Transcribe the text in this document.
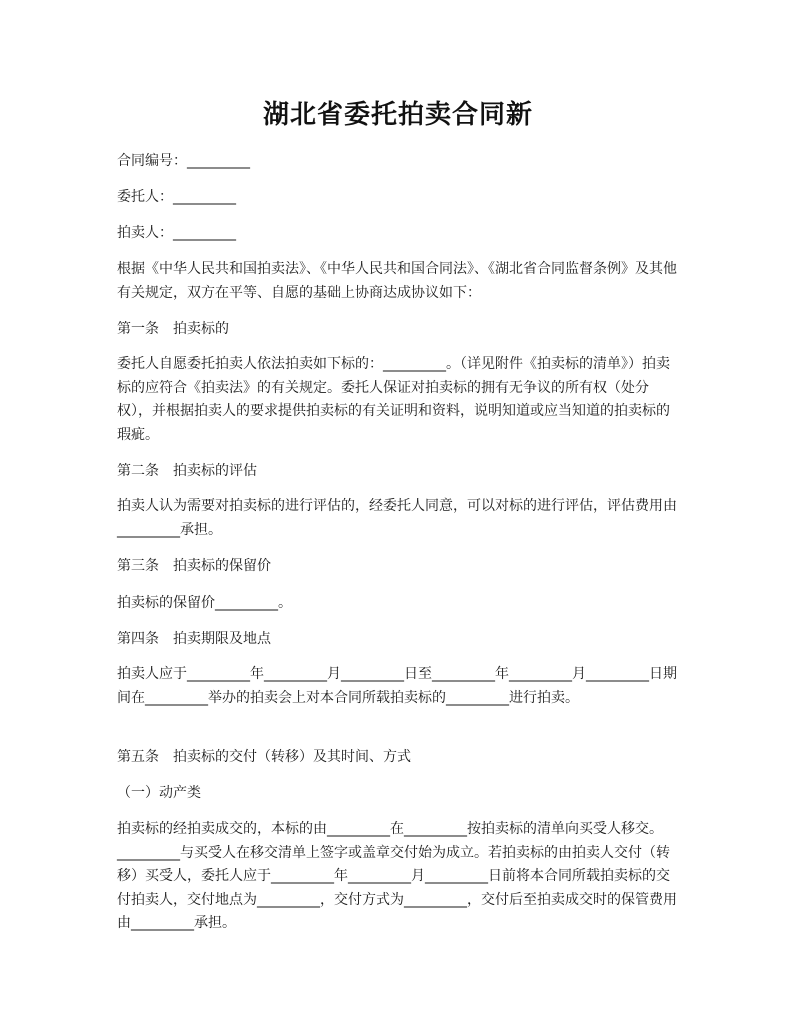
湖北省委托拍卖合同新

合同编号：_________

委托人：_________

拍卖人：_________

根据《中华人民共和国拍卖法》、《中华人民共和国合同法》、《湖北省合同监督条例》及其他有关规定，双方在平等、自愿的基础上协商达成协议如下：

第一条　拍卖标的

委托人自愿委托拍卖人依法拍卖如下标的：_________。（详见附件《拍卖标的清单》）拍卖标的应符合《拍卖法》的有关规定。委托人保证对拍卖标的拥有无争议的所有权（处分权），并根据拍卖人的要求提供拍卖标的有关证明和资料，说明知道或应当知道的拍卖标的瑕疵。

第二条　拍卖标的评估

拍卖人认为需要对拍卖标的进行评估的，经委托人同意，可以对标的进行评估，评估费用由_________承担。

第三条　拍卖标的保留价

拍卖标的保留价_________。

第四条　拍卖期限及地点

拍卖人应于_________年_________月_________日至_________年_________月_________日期间在_________举办的拍卖会上对本合同所载拍卖标的_________进行拍卖。

第五条　拍卖标的交付（转移）及其时间、方式

（一）动产类

拍卖标的经拍卖成交的，本标的由_________在_________按拍卖标的清单向买受人移交。_________与买受人在移交清单上签字或盖章交付始为成立。若拍卖标的由拍卖人交付（转移）买受人，委托人应于_________年_________月_________日前将本合同所载拍卖标的交付拍卖人，交付地点为_________，交付方式为_________，交付后至拍卖成交时的保管费用由_________承担。
